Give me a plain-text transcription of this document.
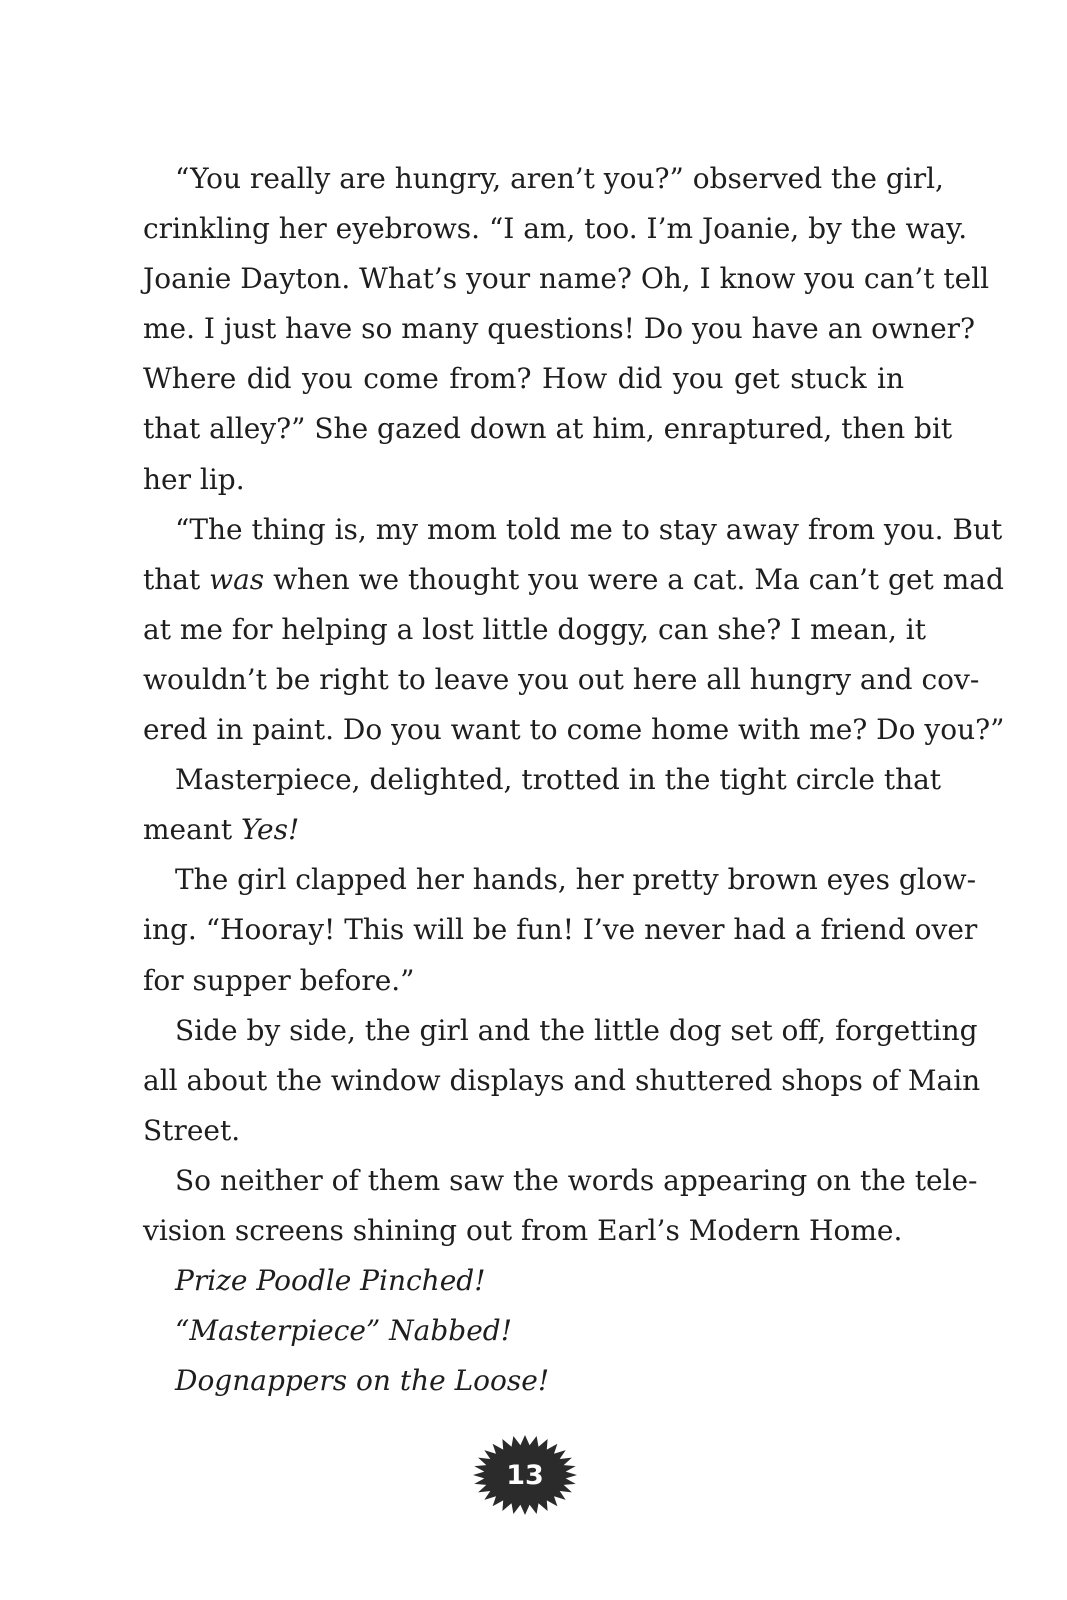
“You really are hungry, aren’t you?” observed the girl,
crinkling her eyebrows. “I am, too. I’m Joanie, by the way.
Joanie Dayton. What’s your name? Oh, I know you can’t tell
me. I just have so many questions! Do you have an owner?
Where did you come from? How did you get stuck in
that alley?” She gazed down at him, enraptured, then bit
her lip.

“The thing is, my mom told me to stay away from you. But
that was when we thought you were a cat. Ma can’t get mad
at me for helping a lost little doggy, can she? I mean, it
wouldn’t be right to leave you out here all hungry and cov-
ered in paint. Do you want to come home with me? Do you?”

Masterpiece, delighted, trotted in the tight circle that
meant Yes!

The girl clapped her hands, her pretty brown eyes glow-
ing. “Hooray! This will be fun! I’ve never had a friend over
for supper before.”

Side by side, the girl and the little dog set off, forgetting
all about the window displays and shuttered shops of Main
Street.

So neither of them saw the words appearing on the tele-
vision screens shining out from Earl’s Modern Home.

Prize Poodle Pinched!

“Masterpiece” Nabbed!

Dognappers on the Loose!

13
